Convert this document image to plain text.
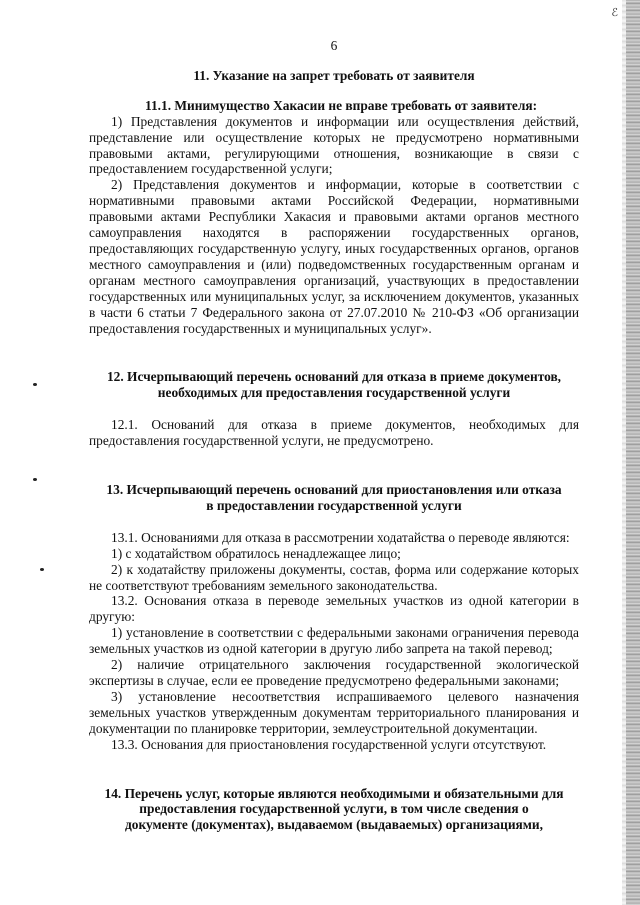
ℰ
6
11. Указание на запрет требовать от заявителя
11.1. Минимущество Хакасии не вправе требовать от заявителя:

1) Представления документов и информации или осуществления действий, представление или осуществление которых не предусмотрено нормативными правовыми актами, регулирующими отношения, возникающие в связи с предоставлением государственной услуги;

2) Представления документов и информации, которые в соответствии с нормативными правовыми актами Российской Федерации, нормативными правовыми актами Республики Хакасия и правовыми актами органов местного самоуправления находятся в распоряжении государственных органов, предоставляющих государственную услугу, иных государственных органов, органов местного самоуправления и (или) подведомственных государственным органам и органам местного самоуправления организаций, участвующих в предоставлении государственных или муниципальных услуг, за исключением документов, указанных в части 6 статьи 7 Федерального закона от 27.07.2010 № 210-ФЗ «Об организации предоставления государственных и муниципальных услуг».

12. Исчерпывающий перечень оснований для отказа в приеме документов,
необходимых для предоставления государственной услуги

12.1. Оснований для отказа в приеме документов, необходимых для предоставления государственной услуги, не предусмотрено.

13. Исчерпывающий перечень оснований для приостановления или отказа
в предоставлении государственной услуги

13.1. Основаниями для отказа в рассмотрении ходатайства о переводе являются:

1) с ходатайством обратилось ненадлежащее лицо;

2) к ходатайству приложены документы, состав, форма или содержание которых не соответствуют требованиям земельного законодательства.

13.2. Основания отказа в переводе земельных участков из одной категории в другую:

1) установление в соответствии с федеральными законами ограничения перевода земельных участков из одной категории в другую либо запрета на такой перевод;

2) наличие отрицательного заключения государственной экологической экспертизы в случае, если ее проведение предусмотрено федеральными законами;

3) установление несоответствия испрашиваемого целевого назначения земельных участков утвержденным документам территориального планирования и документации по планировке территории, землеустроительной документации.

13.3. Основания для приостановления государственной услуги отсутствуют.

14. Перечень услуг, которые являются необходимыми и обязательными для
предоставления государственной услуги, в том числе сведения о
документе (документах), выдаваемом (выдаваемых) организациями,
